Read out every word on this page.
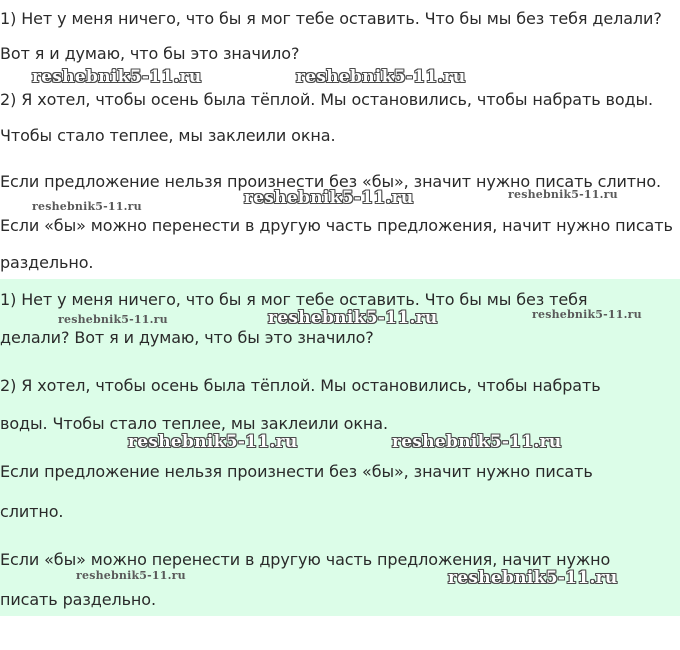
1) Нет у меня ничего, что бы я мог тебе оставить. Что бы мы без тебя делали?
Вот я и думаю, что бы это значило?
2) Я хотел, чтобы осень была тёплой. Мы остановились, чтобы набрать воды.
Чтобы стало теплее, мы заклеили окна.
Если предложение нельзя произнести без «бы», значит нужно писать слитно.
Если «бы» можно перенести в другую часть предложения, начит нужно писать
раздельно.
1) Нет у меня ничего, что бы я мог тебе оставить. Что бы мы без тебя
делали? Вот я и думаю, что бы это значило?
2) Я хотел, чтобы осень была тёплой. Мы остановились, чтобы набрать
воды. Чтобы стало теплее, мы заклеили окна.
Если предложение нельзя произнести без «бы», значит нужно писать
слитно.
Если «бы» можно перенести в другую часть предложения, начит нужно
писать раздельно.
reshebnik5-11.ru	reshebnik5-11.ru
reshebnik5-11.ru	reshebnik5-11.ru	reshebnik5-11.ru
reshebnik5-11.ru	reshebnik5-11.ru	reshebnik5-11.ru
reshebnik5-11.ru	reshebnik5-11.ru
reshebnik5-11.ru	reshebnik5-11.ru
